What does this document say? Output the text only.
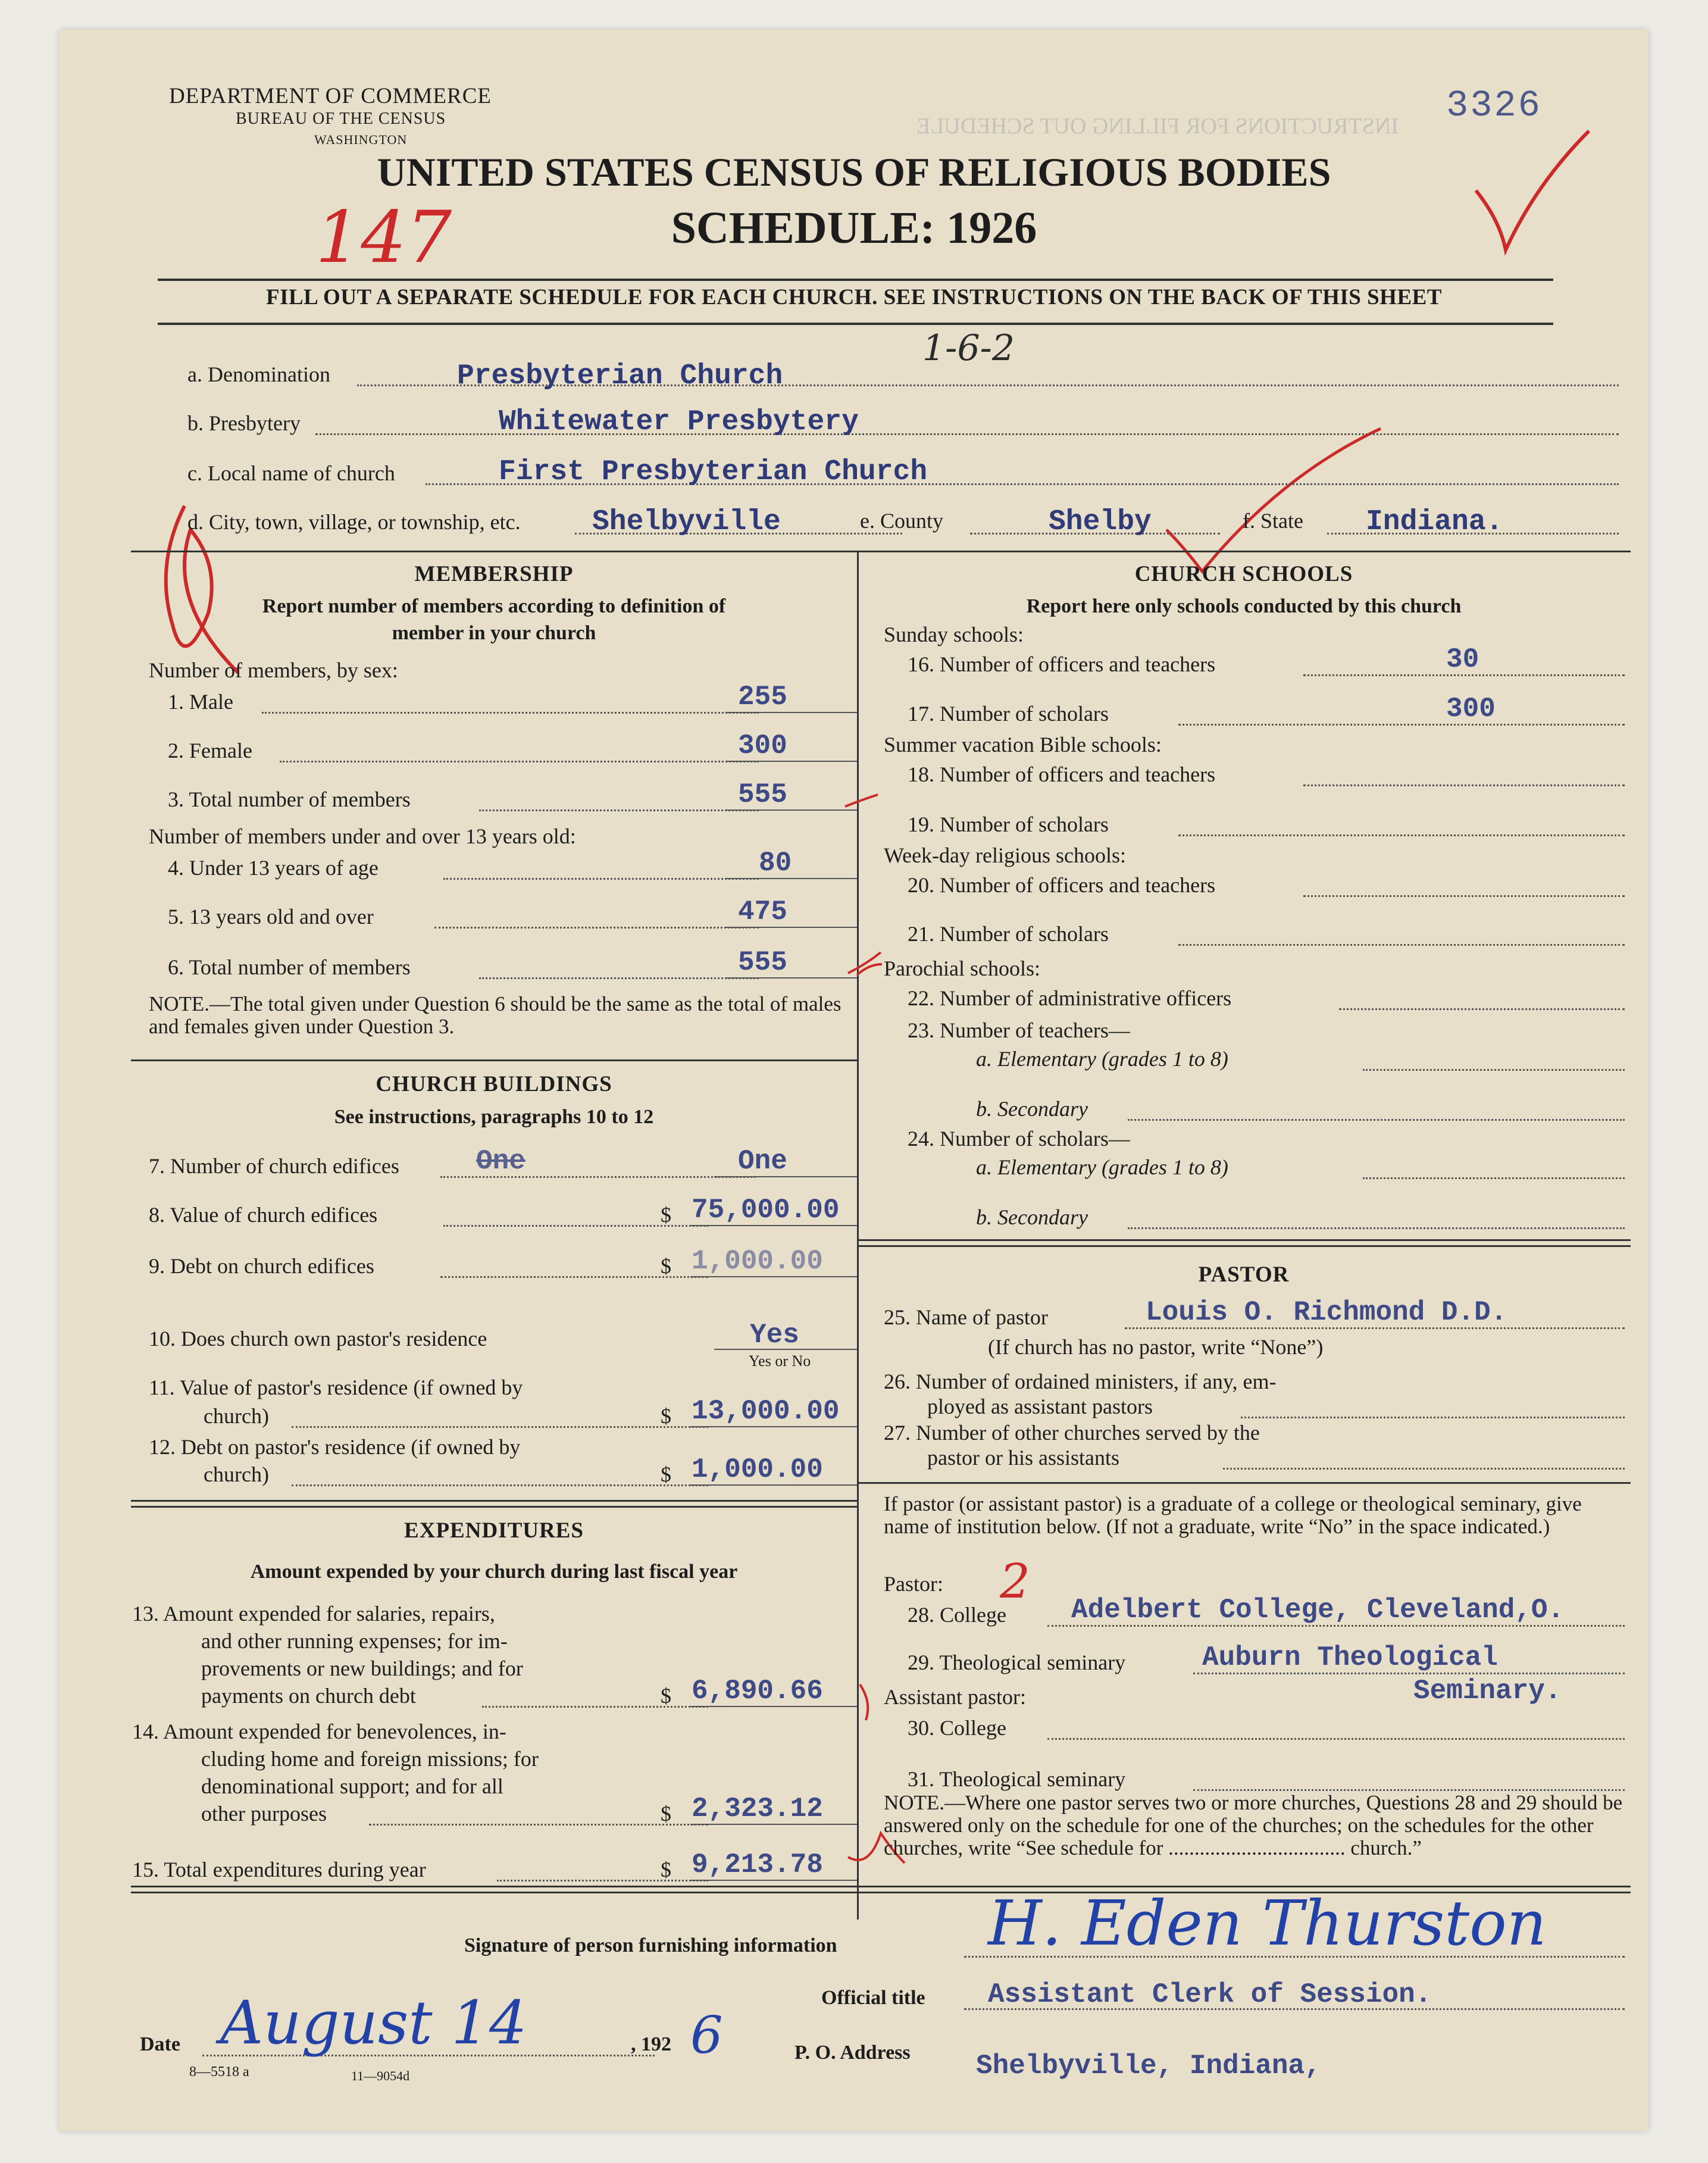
INSTRUCTIONS FOR FILLING OUT SCHEDULE
DEPARTMENT OF COMMERCE
BUREAU OF THE CENSUS
WASHINGTON
3326
UNITED STATES CENSUS OF RELIGIOUS BODIES
SCHEDULE: 1926
147
1-6-2
FILL OUT A SEPARATE SCHEDULE FOR EACH CHURCH. SEE INSTRUCTIONS ON THE BACK OF THIS SHEET
a. Denomination	Presbyterian Church
b. Presbytery	Whitewater Presbytery
c. Local name of church	First Presbyterian Church
d. City, town, village, or township, etc.	Shelbyville	e. County	Shelby	f. State Indiana.
MEMBERSHIP
Report number of members according to definition of
member in your church
Number of members, by sex:
1. Male	255
2. Female	300
3. Total number of members	555
Number of members under and over 13 years old:
4. Under 13 years of age	80
5. 13 years old and over	475
6. Total number of members	555
NOTE.—The total given under Question 6 should be the same as the total of males and females given under Question 3.
CHURCH BUILDINGS
See instructions, paragraphs 10 to 12
7. Number of church edifices	One	One
8. Value of church edifices	$ 75,000.00
9. Debt on church edifices	$ 1,000.00
10. Does church own pastor's residence	Yes
Yes or No
11. Value of pastor's residence (if owned by
church)	$ 13,000.00
12. Debt on pastor's residence (if owned by
church)	$ 1,000.00
EXPENDITURES
Amount expended by your church during last fiscal year
13. Amount expended for salaries, repairs,
and other running expenses; for im-
provements or new buildings; and for
payments on church debt	$ 6,890.66
14. Amount expended for benevolences, in-
cluding home and foreign missions; for
denominational support; and for all
other purposes	$ 2,323.12
15. Total expenditures during year	$ 9,213.78
CHURCH SCHOOLS
Report here only schools conducted by this church
Sunday schools:
16. Number of officers and teachers	30
17. Number of scholars	300
Summer vacation Bible schools:
18. Number of officers and teachers
19. Number of scholars
Week-day religious schools:
20. Number of officers and teachers
21. Number of scholars
Parochial schools:
22. Number of administrative officers
23. Number of teachers—
a. Elementary (grades 1 to 8)
b. Secondary
24. Number of scholars—
a. Elementary (grades 1 to 8)
b. Secondary
PASTOR
25. Name of pastor	Louis O. Richmond D.D.
(If church has no pastor, write “None”)
26. Number of ordained ministers, if any, em-
ployed as assistant pastors
27. Number of other churches served by the
pastor or his assistants
If pastor (or assistant pastor) is a graduate of a college or theological seminary, give name of institution below. (If not a graduate, write “No” in the space indicated.)
Pastor: 2
28. College Adelbert College, Cleveland,O.
29. Theological seminary	Auburn Theological
Seminary.
Assistant pastor:
30. College
31. Theological seminary
NOTE.—Where one pastor serves two or more churches, Questions 28 and 29 should be answered only on the schedule for one of the churches; on the schedules for the other churches, write “See schedule for .................................. church.”
Signature of person furnishing information H. Eden Thurston
Official title Assistant Clerk of Session.
P. O. Address Shelbyville, Indiana,
Date August 14	, 192 6
8—5518 a	11—9054d
